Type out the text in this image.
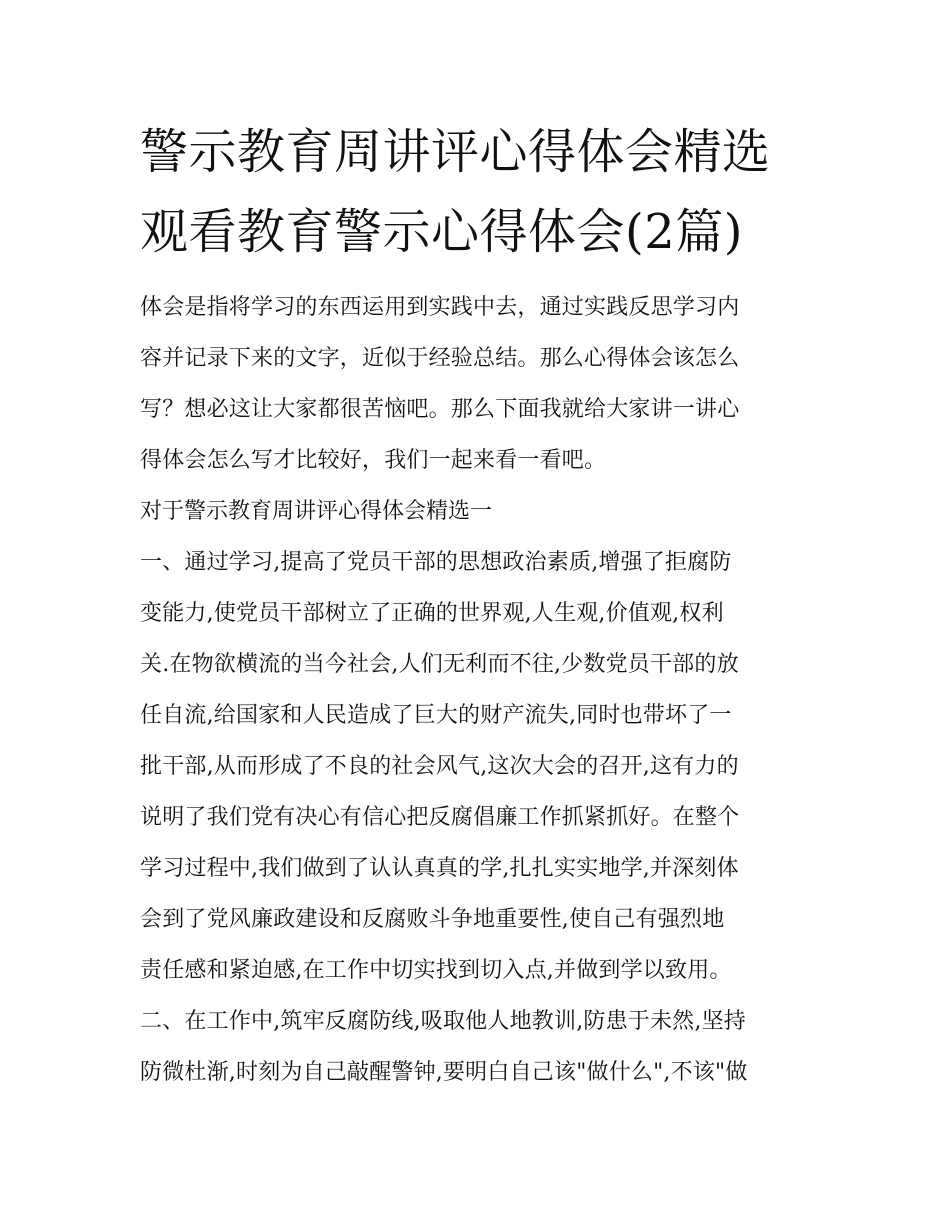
警示教育周讲评心得体会精选
观看教育警示心得体会(2篇)

体会是指将学习的东西运用到实践中去，通过实践反思学习内
容并记录下来的文字，近似于经验总结。那么心得体会该怎么
写？想必这让大家都很苦恼吧。那么下面我就给大家讲一讲心
得体会怎么写才比较好，我们一起来看一看吧。

对于警示教育周讲评心得体会精选一

一、通过学习,提高了党员干部的思想政治素质,增强了拒腐防
变能力,使党员干部树立了正确的世界观,人生观,价值观,权利
关.在物欲横流的当今社会,人们无利而不往,少数党员干部的放
任自流,给国家和人民造成了巨大的财产流失,同时也带坏了一
批干部,从而形成了不良的社会风气,这次大会的召开,这有力的
说明了我们党有决心有信心把反腐倡廉工作抓紧抓好。在整个
学习过程中,我们做到了认认真真的学,扎扎实实地学,并深刻体
会到了党风廉政建设和反腐败斗争地重要性,使自己有强烈地
责任感和紧迫感,在工作中切实找到切入点,并做到学以致用。
二、在工作中,筑牢反腐防线,吸取他人地教训,防患于未然,坚持
防微杜渐,时刻为自己敲醒警钟,要明白自己该"做什么",不该"做
